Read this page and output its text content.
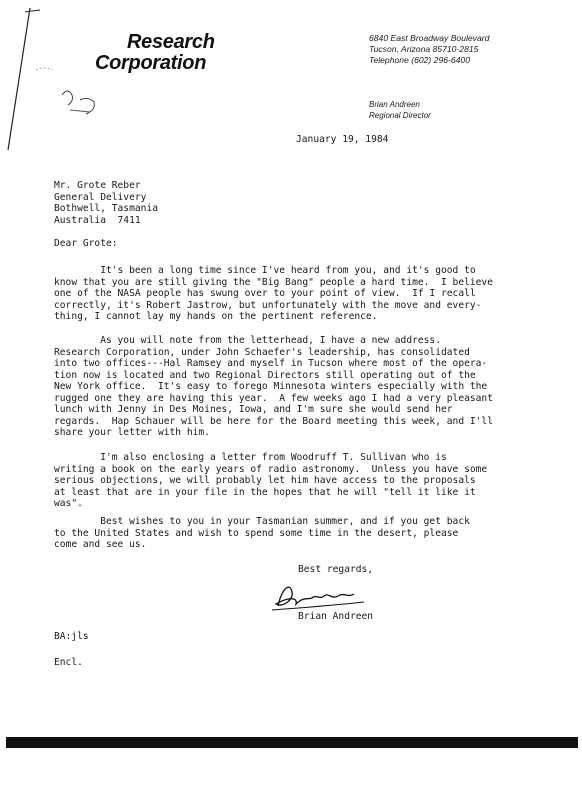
Research
Corporation
6840 East Broadway Boulevard
Tucson, Arizona 85710-2815
Telephone (602) 296-6400
Brian Andreen
Regional Director
January 19, 1984
Mr. Grote Reber
General Delivery
Bothwell, Tasmania
Australia  7411
Dear Grote:
It's been a long time since I've heard from you, and it's good to
know that you are still giving the "Big Bang" people a hard time.  I believe
one of the NASA people has swung over to your point of view.  If I recall
correctly, it's Robert Jastrow, but unfortunately with the move and every-
thing, I cannot lay my hands on the pertinent reference.
As you will note from the letterhead, I have a new address.
Research Corporation, under John Schaefer's leadership, has consolidated
into two offices---Hal Ramsey and myself in Tucson where most of the opera-
tion now is located and two Regional Directors still operating out of the
New York office.  It's easy to forego Minnesota winters especially with the
rugged one they are having this year.  A few weeks ago I had a very pleasant
lunch with Jenny in Des Moines, Iowa, and I'm sure she would send her
regards.  Hap Schauer will be here for the Board meeting this week, and I'll
share your letter with him.
I'm also enclosing a letter from Woodruff T. Sullivan who is
writing a book on the early years of radio astronomy.  Unless you have some
serious objections, we will probably let him have access to the proposals
at least that are in your file in the hopes that he will "tell it like it
was".
Best wishes to you in your Tasmanian summer, and if you get back
to the United States and wish to spend some time in the desert, please
come and see us.
Best regards,
Brian Andreen
BA:jls
Encl.
